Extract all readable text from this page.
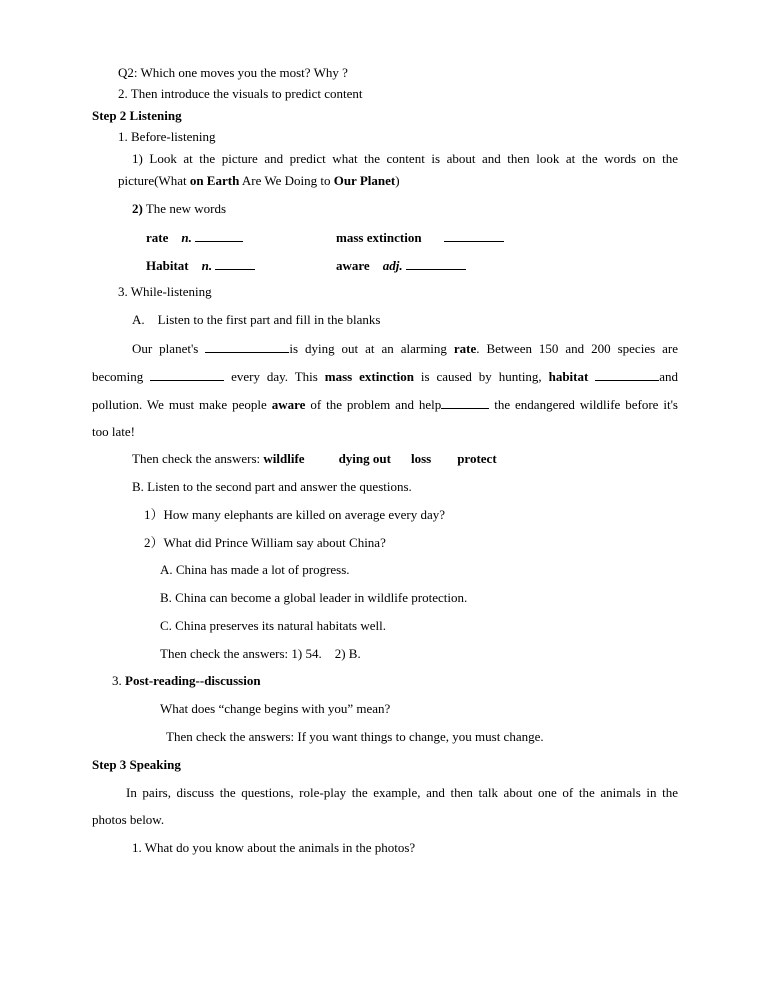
Q2: Which one moves you the most? Why ?
2. Then introduce the visuals to predict content
Step 2 Listening
1. Before-listening
1) Look at the picture and predict what the content is about and then look at the words on the
picture(What on Earth Are We Doing to Our Planet)
2) The new words
rate n.	mass extinction
Habitat n.	aware adj.
3. While-listening
A. Listen to the first part and fill in the blanks
Our planet's	is dying out at an alarming rate. Between 150 and 200 species are
becoming	every day. This mass extinction is caused by hunting, habitat	and
pollution. We must make people aware of the problem and help	the endangered wildlife before it's
too late!
Then check the answers: wildlife	dying out loss protect
B. Listen to the second part and answer the questions.
1）How many elephants are killed on average every day?
2）What did Prince William say about China?
A. China has made a lot of progress.
B. China can become a global leader in wildlife protection.
C. China preserves its natural habitats well.
Then check the answers: 1) 54.    2) B.
3. Post-reading--discussion
What does “change begins with you” mean?
Then check the answers: If you want things to change, you must change.
Step 3 Speaking
In pairs, discuss the questions, role-play the example, and then talk about one of the animals in the
photos below.
1. What do you know about the animals in the photos?
